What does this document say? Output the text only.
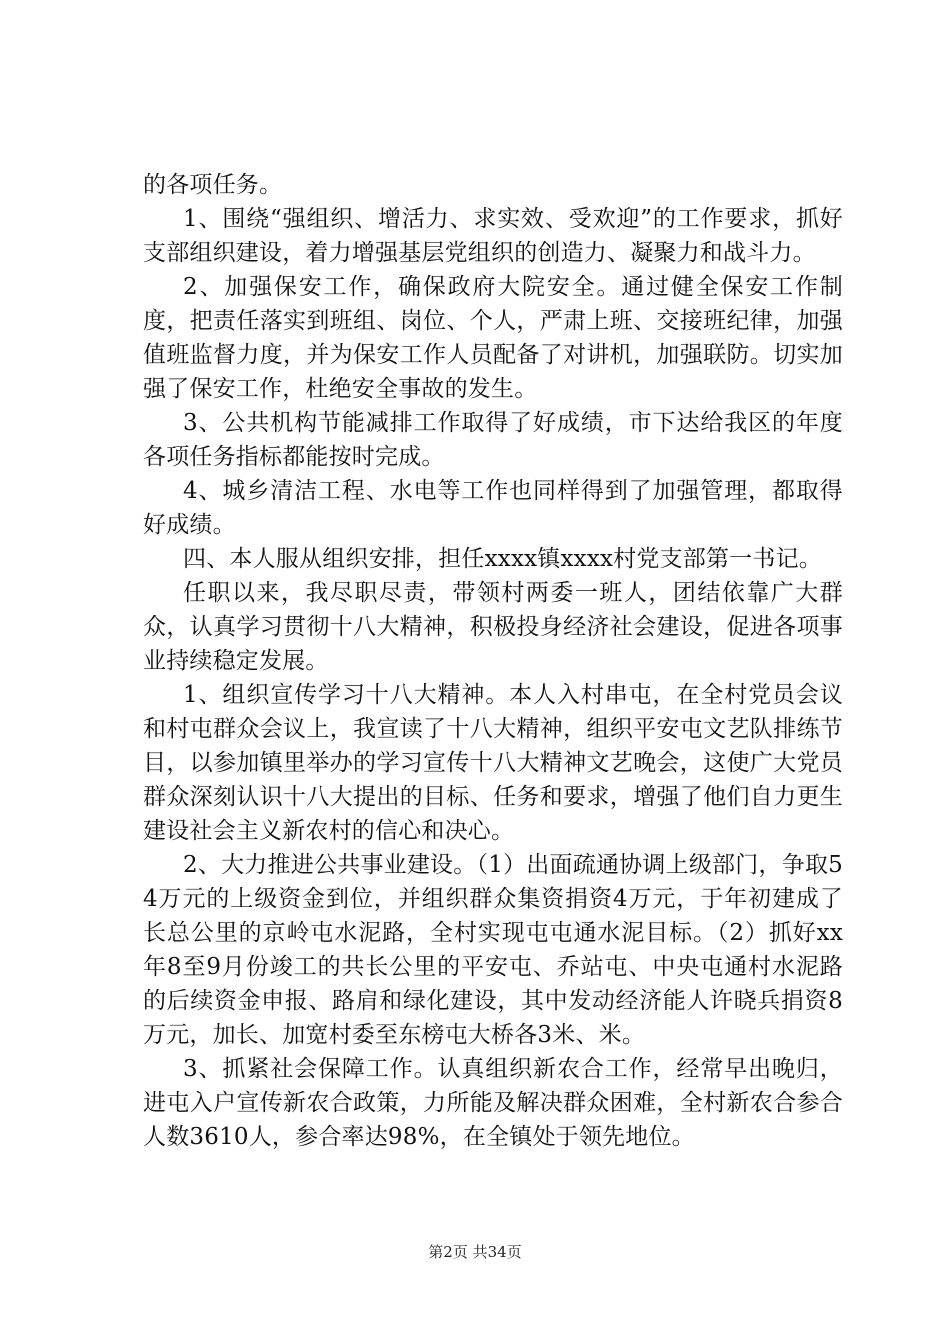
的各项任务。

1、围绕“强组织、增活力、求实效、受欢迎”的工作要求，抓好支部组织建设，着力增强基层党组织的创造力、凝聚力和战斗力。

2、加强保安工作，确保政府大院安全。通过健全保安工作制度，把责任落实到班组、岗位、个人，严肃上班、交接班纪律，加强值班监督力度，并为保安工作人员配备了对讲机，加强联防。切实加强了保安工作，杜绝安全事故的发生。

3、公共机构节能减排工作取得了好成绩，市下达给我区的年度各项任务指标都能按时完成。

4、城乡清洁工程、水电等工作也同样得到了加强管理，都取得好成绩。

四、本人服从组织安排，担任xxxx镇xxxx村党支部第一书记。

任职以来，我尽职尽责，带领村两委一班人，团结依靠广大群众，认真学习贯彻十八大精神，积极投身经济社会建设，促进各项事业持续稳定发展。

1、组织宣传学习十八大精神。本人入村串屯，在全村党员会议和村屯群众会议上，我宣读了十八大精神，组织平安屯文艺队排练节目，以参加镇里举办的学习宣传十八大精神文艺晚会，这使广大党员群众深刻认识十八大提出的目标、任务和要求，增强了他们自力更生建设社会主义新农村的信心和决心。

2、大力推进公共事业建设。（1）出面疏通协调上级部门，争取54万元的上级资金到位，并组织群众集资捐资4万元，于年初建成了长总公里的京岭屯水泥路，全村实现屯屯通水泥目标。（2）抓好xx年8至9月份竣工的共长公里的平安屯、乔站屯、中央屯通村水泥路的后续资金申报、路肩和绿化建设，其中发动经济能人许晓兵捐资8万元，加长、加宽村委至东榜屯大桥各3米、米。

3、抓紧社会保障工作。认真组织新农合工作，经常早出晚归，进屯入户宣传新农合政策，力所能及解决群众困难，全村新农合参合人数3610人，参合率达98%，在全镇处于领先地位。

第2页 共34页
